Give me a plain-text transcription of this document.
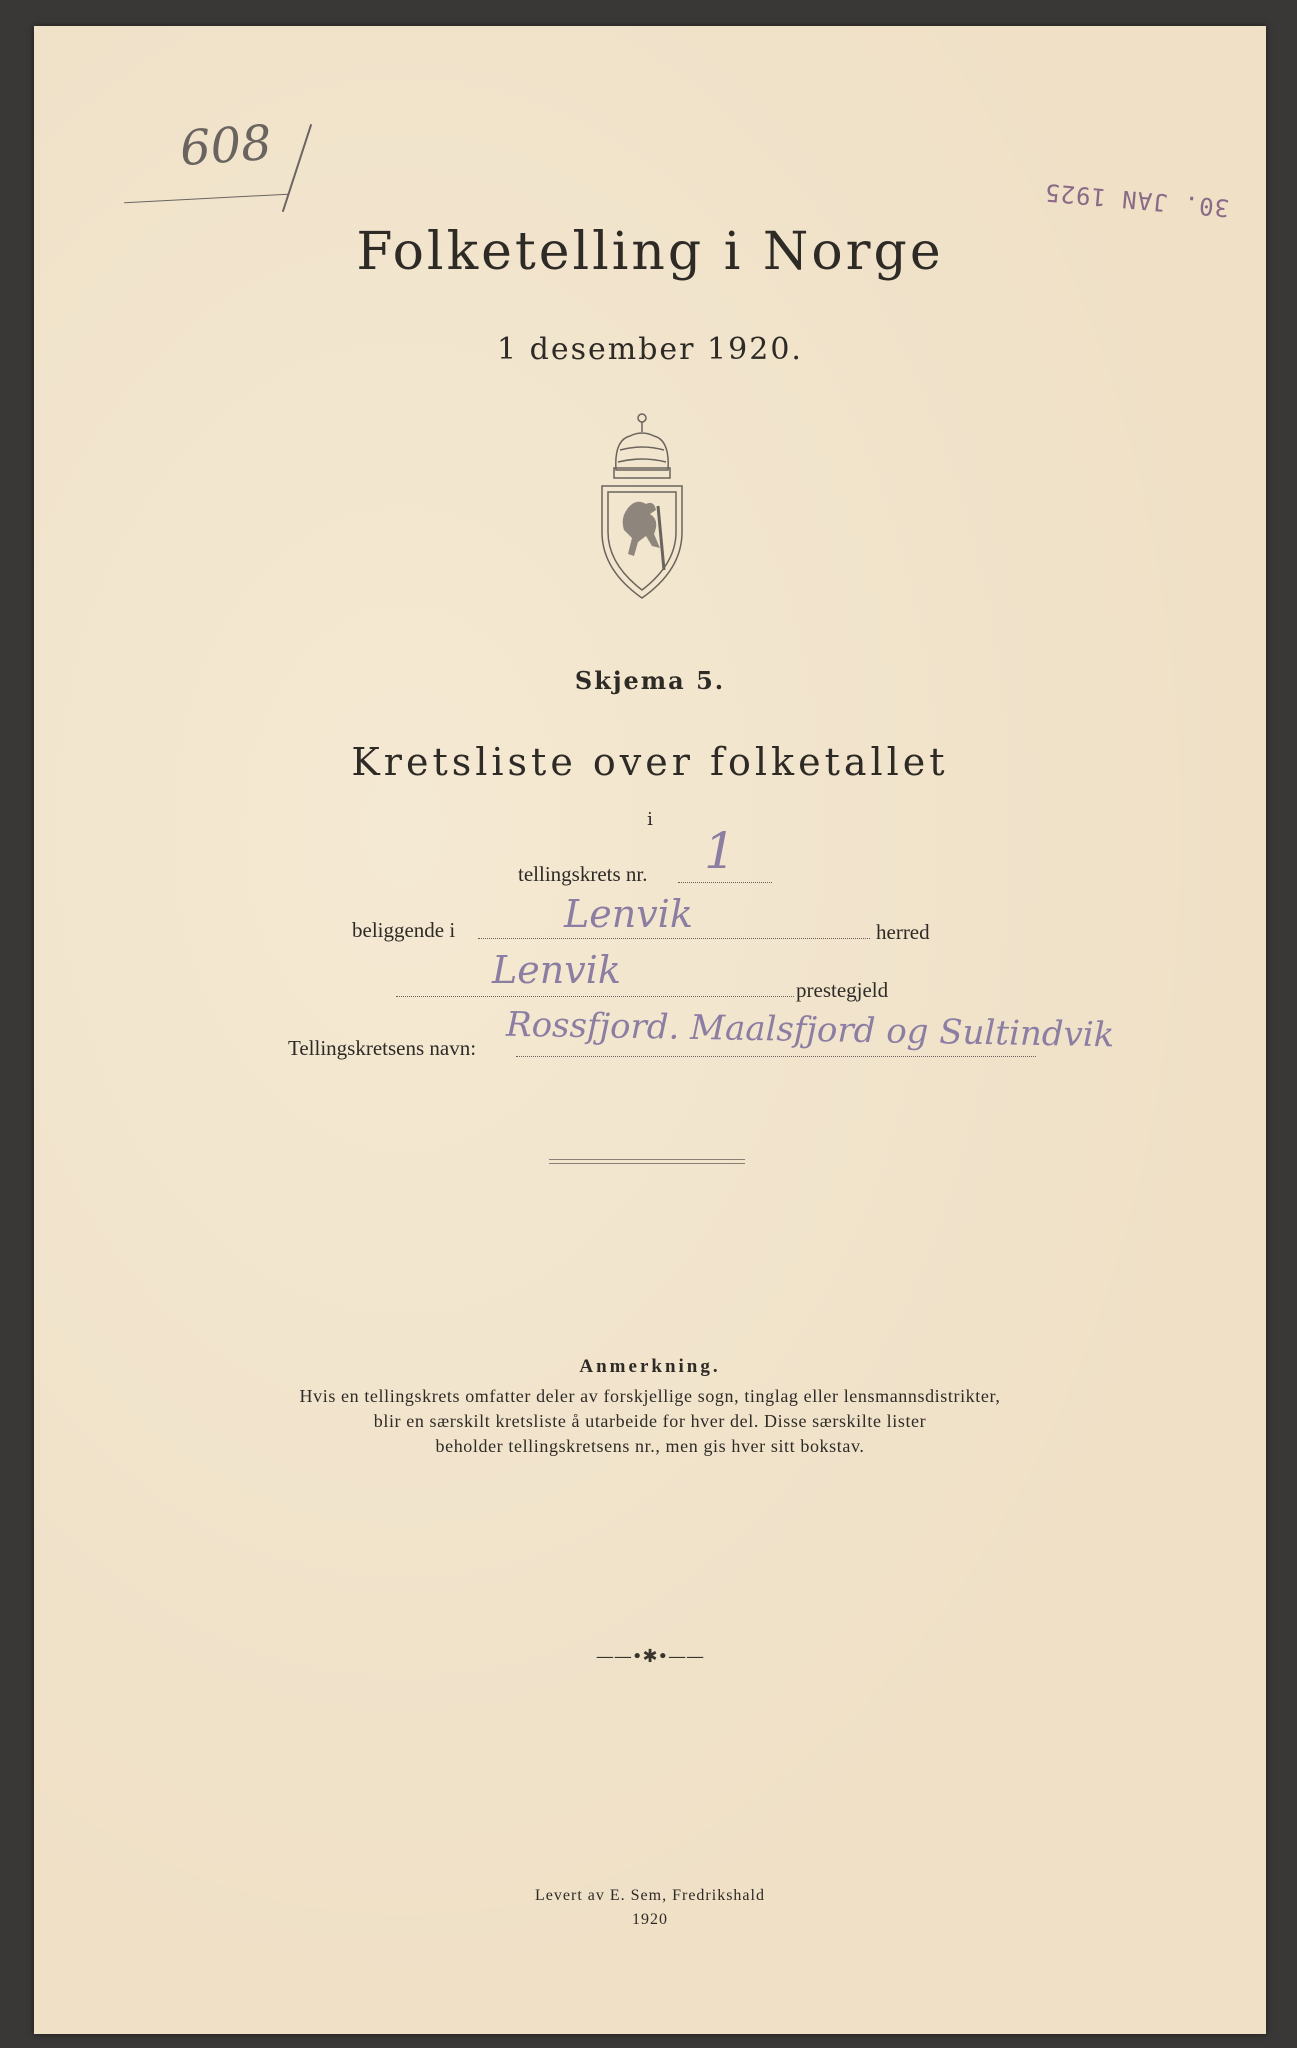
608
30. JAN 1925
Folketelling i Norge
1 desember 1920.
Skjema 5.
Kretsliste over folketallet
i
tellingskrets nr. 1
beliggende i	Lenvik	herred
Lenvik	prestegjeld
Tellingskretsens navn: Rossfjord. Maalsfjord og Sultindvik
Anmerkning.
Hvis en tellingskrets omfatter deler av forskjellige sogn, tinglag eller lensmannsdistrikter,
blir en særskilt kretsliste å utarbeide for hver del. Disse særskilte lister
beholder tellingskretsens nr., men gis hver sitt bokstav.
——•✱•——
Levert av E. Sem, Fredrikshald
1920
